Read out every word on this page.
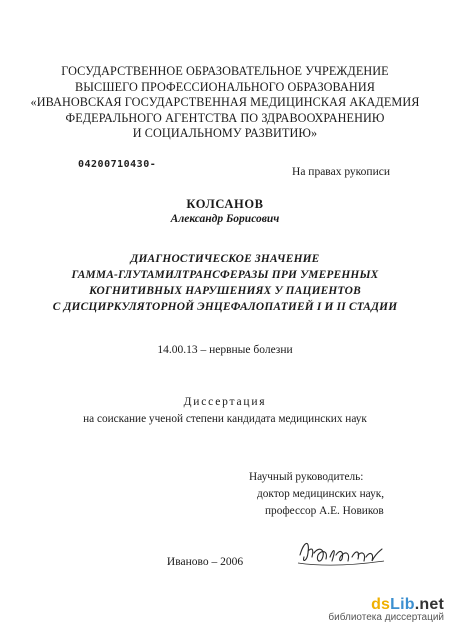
ГОСУДАРСТВЕННОЕ ОБРАЗОВАТЕЛЬНОЕ УЧРЕЖДЕНИЕ
ВЫСШЕГО ПРОФЕССИОНАЛЬНОГО ОБРАЗОВАНИЯ
«ИВАНОВСКАЯ ГОСУДАРСТВЕННАЯ МЕДИЦИНСКАЯ АКАДЕМИЯ
ФЕДЕРАЛЬНОГО АГЕНТСТВА ПО ЗДРАВООХРАНЕНИЮ
И СОЦИАЛЬНОМУ РАЗВИТИЮ»
04200710430-
На правах рукописи
КОЛСАНОВ
Александр Борисович
ДИАГНОСТИЧЕСКОЕ ЗНАЧЕНИЕ
ГАММА-ГЛУТАМИЛТРАНСФЕРАЗЫ ПРИ УМЕРЕННЫХ
КОГНИТИВНЫХ НАРУШЕНИЯХ У ПАЦИЕНТОВ
С ДИСЦИРКУЛЯТОРНОЙ ЭНЦЕФАЛОПАТИЕЙ I И II СТАДИИ
14.00.13 – нервные болезни
Диссертация
на соискание ученой степени кандидата медицинских наук
Научный руководитель:
доктор медицинских наук,
профессор А.Е. Новиков
Иваново – 2006
dsLib.net
библиотека диссертаций
